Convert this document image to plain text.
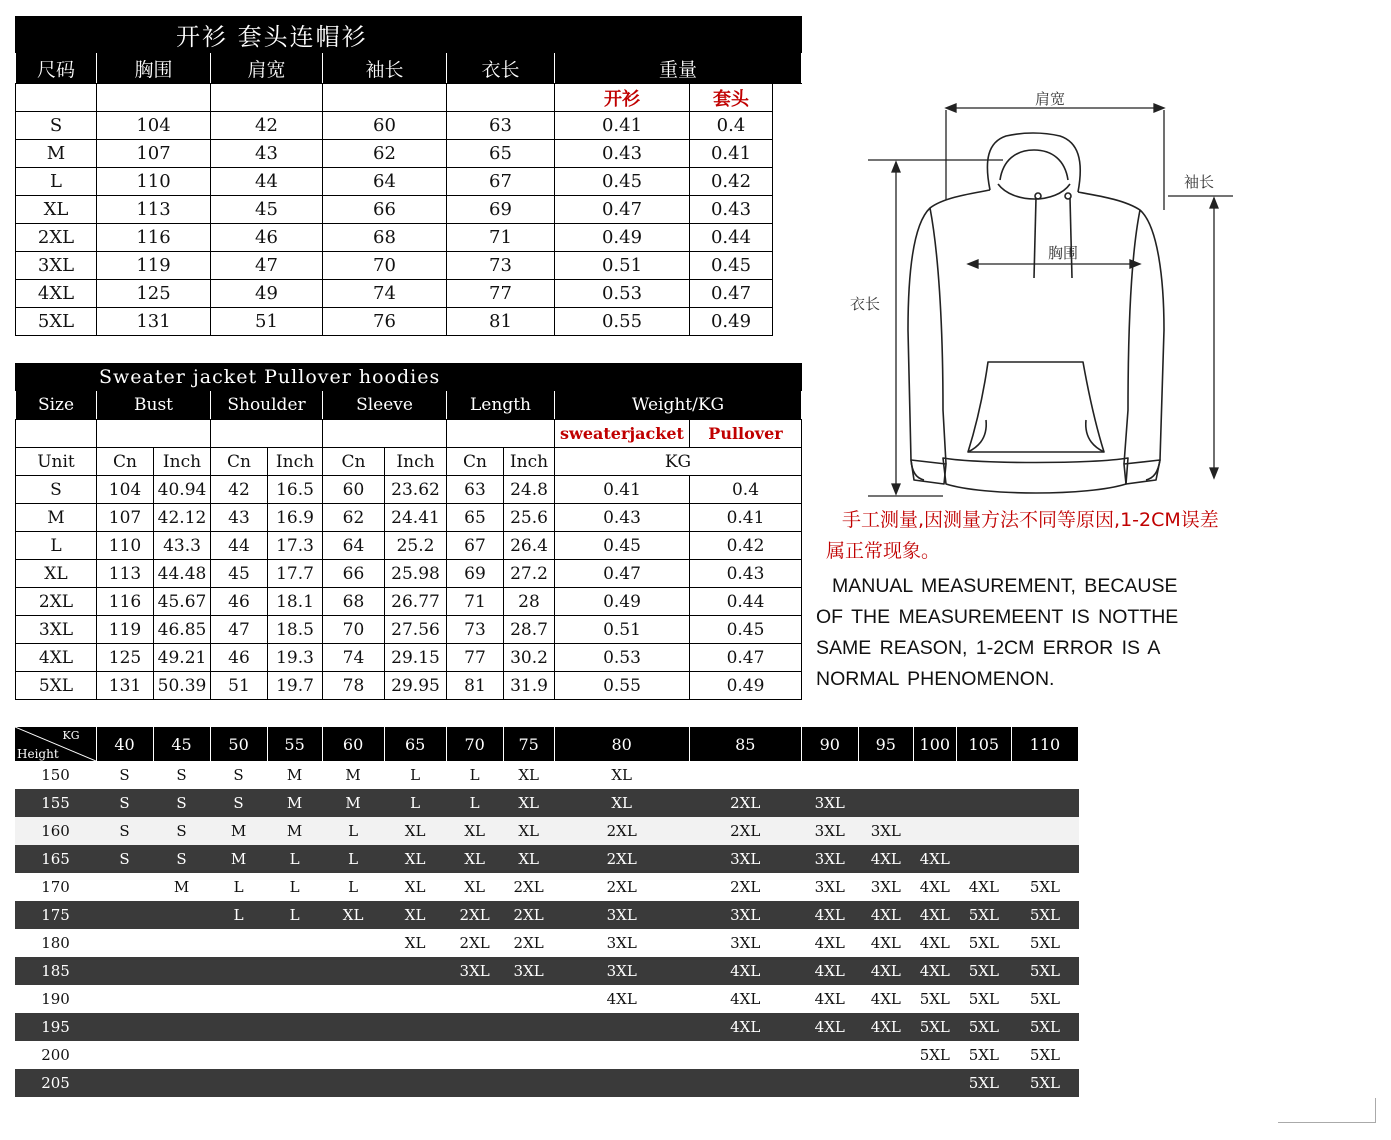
开衫 套头连帽衫							
尺码	胸围	肩宽	袖长	衣长	重量		
					开衫	套头	
S	104	42	60	63	0.41	0.4	
M	107	43	62	65	0.43	0.41	
L	110	44	64	67	0.45	0.42	
XL	113	45	66	69	0.47	0.43	
2XL	116	46	68	71	0.49	0.44	
3XL	119	47	70	73	0.51	0.45	
4XL	125	49	74	77	0.53	0.47	
5XL	131	51	76	81	0.55	0.49	
Sweater jacket Pullover hoodies										
Size	Bust		Shoulder		Sleeve		Length		Weight/KG	
									sweaterjacket	Pullover
Unit	Cn	Inch	Cn	Inch	Cn	Inch	Cn	Inch	KG	
S	104	40.94	42	16.5	60	23.62	63	24.8	0.41	0.4
M	107	42.12	43	16.9	62	24.41	65	25.6	0.43	0.41
L	110	43.3	44	17.3	64	25.2	67	26.4	0.45	0.42
XL	113	44.48	45	17.7	66	25.98	69	27.2	0.47	0.43
2XL	116	45.67	46	18.1	68	26.77	71	28	0.49	0.44
3XL	119	46.85	47	18.5	70	27.56	73	28.7	0.51	0.45
4XL	125	49.21	46	19.3	74	29.15	77	30.2	0.53	0.47
5XL	131	50.39	51	19.7	78	29.95	81	31.9	0.55	0.49
KG
Height	40	45	50	55	60	65	70	75	80	85	90	95	100	105	110
150	S	S	S	M	M	L	L	XL	XL						
155	S	S	S	M	M	L	L	XL	XL	2XL	3XL				
160	S	S	M	M	L	XL	XL	XL	2XL	2XL	3XL	3XL			
165	S	S	M	L	L	XL	XL	XL	2XL	3XL	3XL	4XL	4XL		
170		M	L	L	L	XL	XL	2XL	2XL	2XL	3XL	3XL	4XL	4XL	5XL
175			L	L	XL	XL	2XL	2XL	3XL	3XL	4XL	4XL	4XL	5XL	5XL
180						XL	2XL	2XL	3XL	3XL	4XL	4XL	4XL	5XL	5XL
185							3XL	3XL	3XL	4XL	4XL	4XL	4XL	5XL	5XL
190									4XL	4XL	4XL	4XL	5XL	5XL	5XL
195										4XL	4XL	4XL	5XL	5XL	5XL
200													5XL	5XL	5XL
205														5XL	5XL
肩宽
袖长
胸围
衣长
手工测量,因测量方法不同等原因,1-2CM误差属正常现象。
MANUAL MEASUREMENT, BECAUSE OF THE MEASUREMEENT IS NOTTHE SAME REASON, 1-2CM ERROR IS A NORMAL PHENOMENON.
